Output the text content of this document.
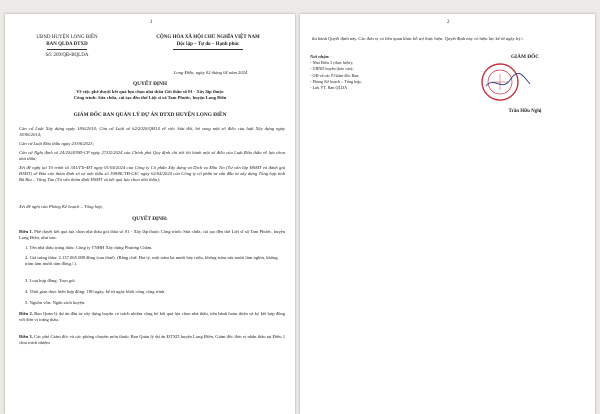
1
UBND HUYỆN LONG ĐIỀN
BAN QLDA ĐTXD
Số: 209/QĐ-BQLDA
CỘNG HÒA XÃ HỘI CHỦ NGHĨA VIỆT NAM
Độc lập – Tự do – Hạnh phúc
Long Điền, ngày 02 tháng 04 năm 2024
QUYẾT ĐỊNH
Về việc phê duyệt kết quả lựa chọn nhà thầu Gói thầu số 01 - Xây lắp thuộc
Công trình: Sửa chữa, cải tạo đền thờ Liệt sĩ xã Tam Phước, huyện Long Điền
GIÁM ĐỐC BAN QUẢN LÝ DỰ ÁN ĐTXD HUYỆN LONG ĐIỀN
Căn cứ Luật Xây dựng ngày 18/6/2014; Căn cứ Luật số 62/2020/QH14 về việc Sửa đổi, bổ sung một số điều của luật Xây dựng ngày 18/06/2014;
Căn cứ Luật Đấu thầu ngày 23/06/2023;
Căn cứ Nghị định số 24/2024/NĐ-CP ngày 27/02/2024 của Chính phủ Quy định chi tiết thi hành một số điều của Luật Đấu thầu về lựa chọn nhà thầu;
Xét đề nghị tại Tờ trình số 341/TTr-ĐT ngày 01/04/2024 của Công ty Cổ phần Xây dựng và Dịch vụ Đầu Tín (Tư vấn lập HSMT và đánh giá HSDT) về Báo cáo thẩm định số sơ một thầu số 198/BCTĐ-GIC ngày 02/04/2024 của Công ty cổ phần tư vấn đầu tư xây dựng Tổng hợp tỉnh Bà Rịa – Vũng Tàu (Tư vấn thẩm định HSMT và kết quả lựa chọn nhà thầu);
Xét đề nghị của Phòng Kế hoạch – Tổng hợp,
QUYẾT ĐỊNH:
Điều 1. Phê duyệt kết quả lựa chọn nhà thầu gói thầu số 01 - Xây lắp thuộc Công trình: Sửa chữa, cải tạo đền thờ Liệt sĩ xã Tam Phước, huyện Long Điền, như sau:
1. Tên nhà thầu trúng thầu: Công ty TNHH Xây dựng Phương Châm.
2. Giá trúng thầu: 2.137.065.088 đồng (sau thuế). (Bằng chữ: Hai tỷ, một trăm ba mươi bảy triệu, không trăm sáu mươi lăm nghìn, không trăm tám mươi tám đồng./.).
3. Loại hợp đồng: Trọn gói.
4. Thời gian thực hiện hợp đồng: 180 ngày, kể từ ngày khởi công công trình.
5. Nguồn vốn: Ngân sách huyện.
Điều 2. Ban Quản lý dự án đầu tư xây dựng huyện có trách nhiệm công bố kết quả lựa chọn nhà thầu, tiến hành hoàn thiện và ký kết hợp đồng với đơn vị trúng thầu.
Điều 3. Các phó Giám đốc và các phòng chuyên môn thuộc Ban Quản lý dự án ĐTXD huyện Long Điền, Giám đốc đơn vị nhận thầu tại Điều 1 chịu trách nhiệm
2
thi hành Quyết định này. Các đơn vị có liên quan khác hỗ trợ thực hiện. Quyết định này có hiệu lực kể từ ngày ký./.
Nơi nhận:
- Như Điều 3 (thực hiện);
- UBND huyện (báo cáo);
- GĐ và các P.Giám đốc Ban;
- Phòng Kế hoạch – Tổng hợp;
- Lưu VT, Ban QLDA
GIÁM ĐỐC
Trần Hữu Nghị
